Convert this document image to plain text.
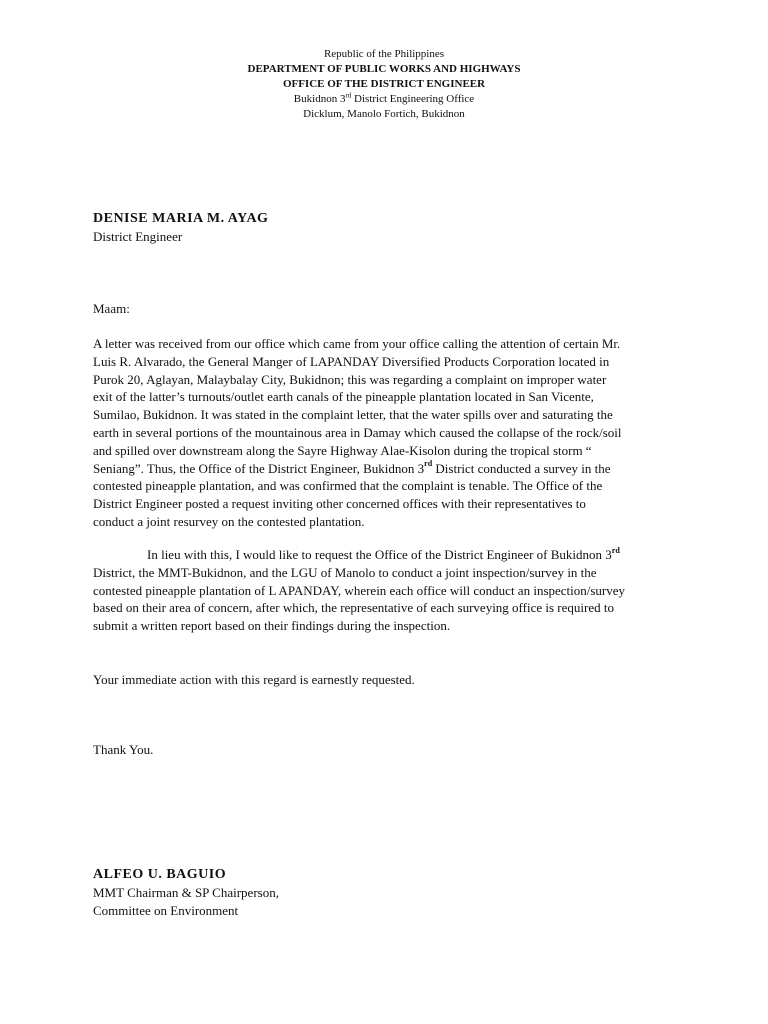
Republic of the Philippines
DEPARTMENT OF PUBLIC WORKS AND HIGHWAYS
OFFICE OF THE DISTRICT ENGINEER
Bukidnon 3rd District Engineering Office
Dicklum, Manolo Fortich, Bukidnon
DENISE MARIA M. AYAG
District Engineer
Maam:
A letter was received from our office which came from your office calling the attention of certain Mr.
Luis R. Alvarado, the General Manger of LAPANDAY Diversified Products Corporation located in
Purok 20, Aglayan, Malaybalay City, Bukidnon; this was regarding a complaint on improper water
exit of the latter’s turnouts/outlet earth canals of the pineapple plantation located in San Vicente,
Sumilao, Bukidnon. It was stated in the complaint letter, that the water spills over and saturating the
earth in several portions of the mountainous area in Damay which caused the collapse of the rock/soil
and spilled over downstream along the Sayre Highway Alae-Kisolon during the tropical storm “
Seniang”. Thus, the Office of the District Engineer, Bukidnon 3rd District conducted a survey in the
contested pineapple plantation, and was confirmed that the complaint is tenable. The Office of the
District Engineer posted a request inviting other concerned offices with their representatives to
conduct a joint resurvey on the contested plantation.
In lieu with this, I would like to request the Office of the District Engineer of Bukidnon 3rd
District, the MMT-Bukidnon, and the LGU of Manolo to conduct a joint inspection/survey in the
contested pineapple plantation of L APANDAY, wherein each office will conduct an inspection/survey
based on their area of concern, after which, the representative of each surveying office is required to
submit a written report based on their findings during the inspection.
Your immediate action with this regard is earnestly requested.
Thank You.
ALFEO U. BAGUIO
MMT Chairman & SP Chairperson,
Committee on Environment
